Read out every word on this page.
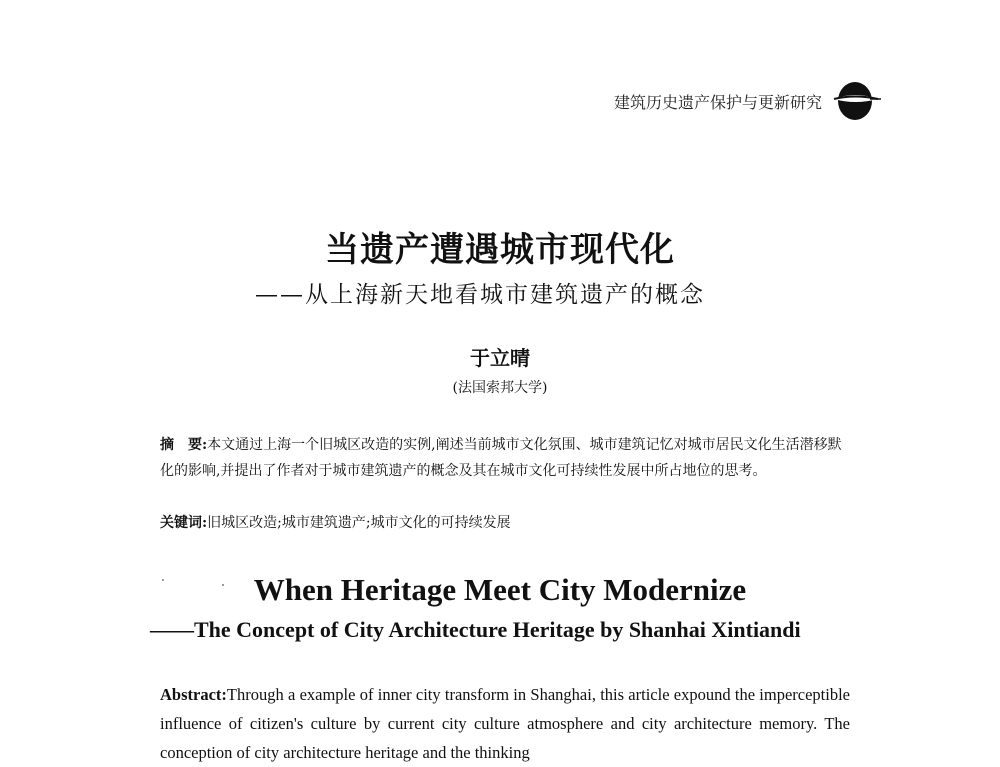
建筑历史遗产保护与更新研究
当遗产遭遇城市现代化
——从上海新天地看城市建筑遗产的概念
于立晴
(法国索邦大学)
摘　要:本文通过上海一个旧城区改造的实例,阐述当前城市文化氛围、城市建筑记忆对城市居民文化生活潜移默化的影响,并提出了作者对于城市建筑遗产的概念及其在城市文化可持续性发展中所占地位的思考。
关键词:旧城区改造;城市建筑遗产;城市文化的可持续发展
When Heritage Meet City Modernize
——The Concept of City Architecture Heritage by Shanhai Xintiandi
Abstract:Through a example of inner city transform in Shanghai, this article expound the imperceptible influence of citizen's culture by current city culture atmosphere and city architecture memory. The conception of city architecture heritage and the thinking
